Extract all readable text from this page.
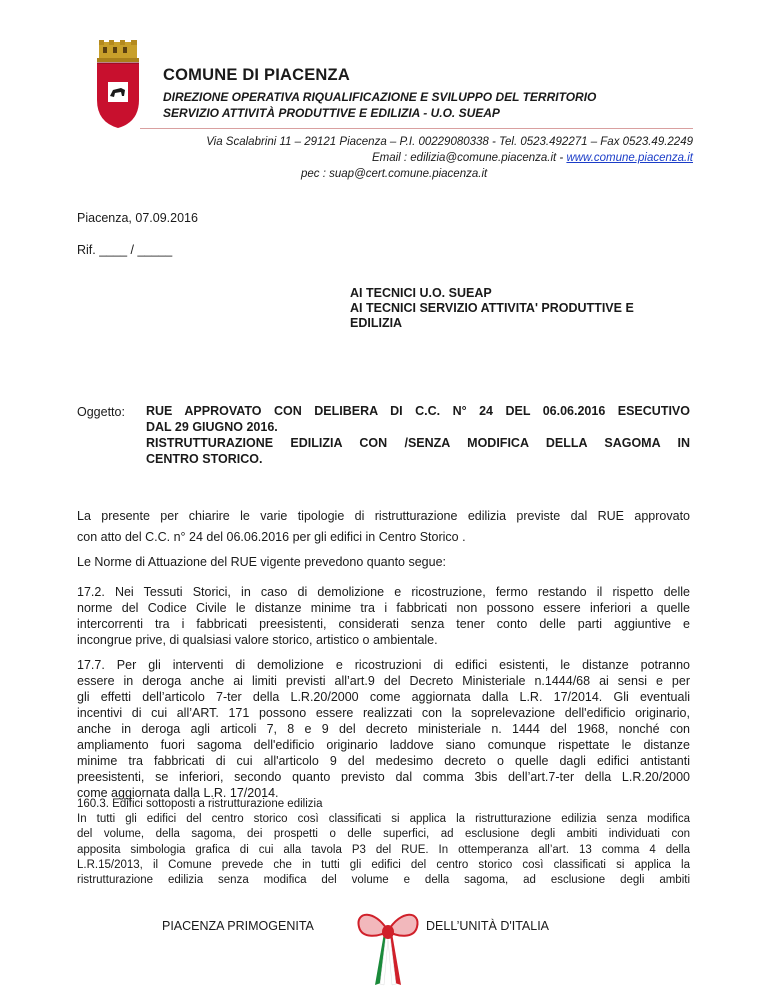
COMUNE DI PIACENZA
DIREZIONE OPERATIVA RIQUALIFICAZIONE E SVILUPPO DEL TERRITORIO
SERVIZIO ATTIVITÀ PRODUTTIVE E EDILIZIA - U.O. SUEAP
Via Scalabrini 11 – 29121 Piacenza – P.I. 00229080338 - Tel. 0523.492271 – Fax 0523.49.2249
Email : edilizia@comune.piacenza.it - www.comune.piacenza.it
pec : suap@cert.comune.piacenza.it
Piacenza, 07.09.2016
Rif. ____ / _____
AI TECNICI U.O. SUEAP
AI TECNICI SERVIZIO ATTIVITA' PRODUTTIVE E
EDILIZIA
Oggetto: RUE APPROVATO CON DELIBERA DI C.C. N° 24 DEL 06.06.2016 ESECUTIVO
DAL 29 GIUGNO 2016.
RISTRUTTURAZIONE EDILIZIA CON /SENZA MODIFICA DELLA SAGOMA IN
CENTRO STORICO.
La presente per chiarire le varie tipologie di ristrutturazione edilizia previste dal RUE approvato
con atto del C.C. n° 24 del 06.06.2016 per gli edifici in Centro Storico .
Le Norme di Attuazione del RUE vigente prevedono quanto segue:
17.2. Nei Tessuti Storici, in caso di demolizione e ricostruzione, fermo restando il rispetto delle
norme del Codice Civile le distanze minime tra i fabbricati non possono essere inferiori a quelle
intercorrenti tra i fabbricati preesistenti, considerati senza tener conto delle parti aggiuntive e
incongrue prive, di qualsiasi valore storico, artistico o ambientale.
17.7. Per gli interventi di demolizione e ricostruzioni di edifici esistenti, le distanze potranno
essere in deroga anche ai limiti previsti all’art.9 del Decreto Ministeriale n.1444/68 ai sensi e per
gli effetti dell’articolo 7-ter della L.R.20/2000 come aggiornata dalla L.R. 17/2014. Gli eventuali
incentivi di cui all’ART. 171 possono essere realizzati con la soprelevazione dell'edificio originario,
anche in deroga agli articoli 7, 8 e 9 del decreto ministeriale n. 1444 del 1968, nonché con
ampliamento fuori sagoma dell'edificio originario laddove siano comunque rispettate le distanze
minime tra fabbricati di cui all'articolo 9 del medesimo decreto o quelle dagli edifici antistanti
preesistenti, se inferiori, secondo quanto previsto dal comma 3bis dell’art.7-ter della L.R.20/2000
come aggiornata dalla L.R. 17/2014.
160.3. Edifici sottoposti a ristrutturazione edilizia
In tutti gli edifici del centro storico così classificati si applica la ristrutturazione edilizia senza modifica
del volume, della sagoma, dei prospetti o delle superfici, ad esclusione degli ambiti individuati con
apposita simbologia grafica di cui alla tavola P3 del RUE. In ottemperanza all’art. 13 comma 4 della
L.R.15/2013, il Comune prevede che in tutti gli edifici del centro storico così classificati si applica la
ristrutturazione edilizia senza modifica del volume e della sagoma, ad esclusione degli ambiti
PIACENZA PRIMOGENITA	DELL’UNITÀ D'ITALIA
